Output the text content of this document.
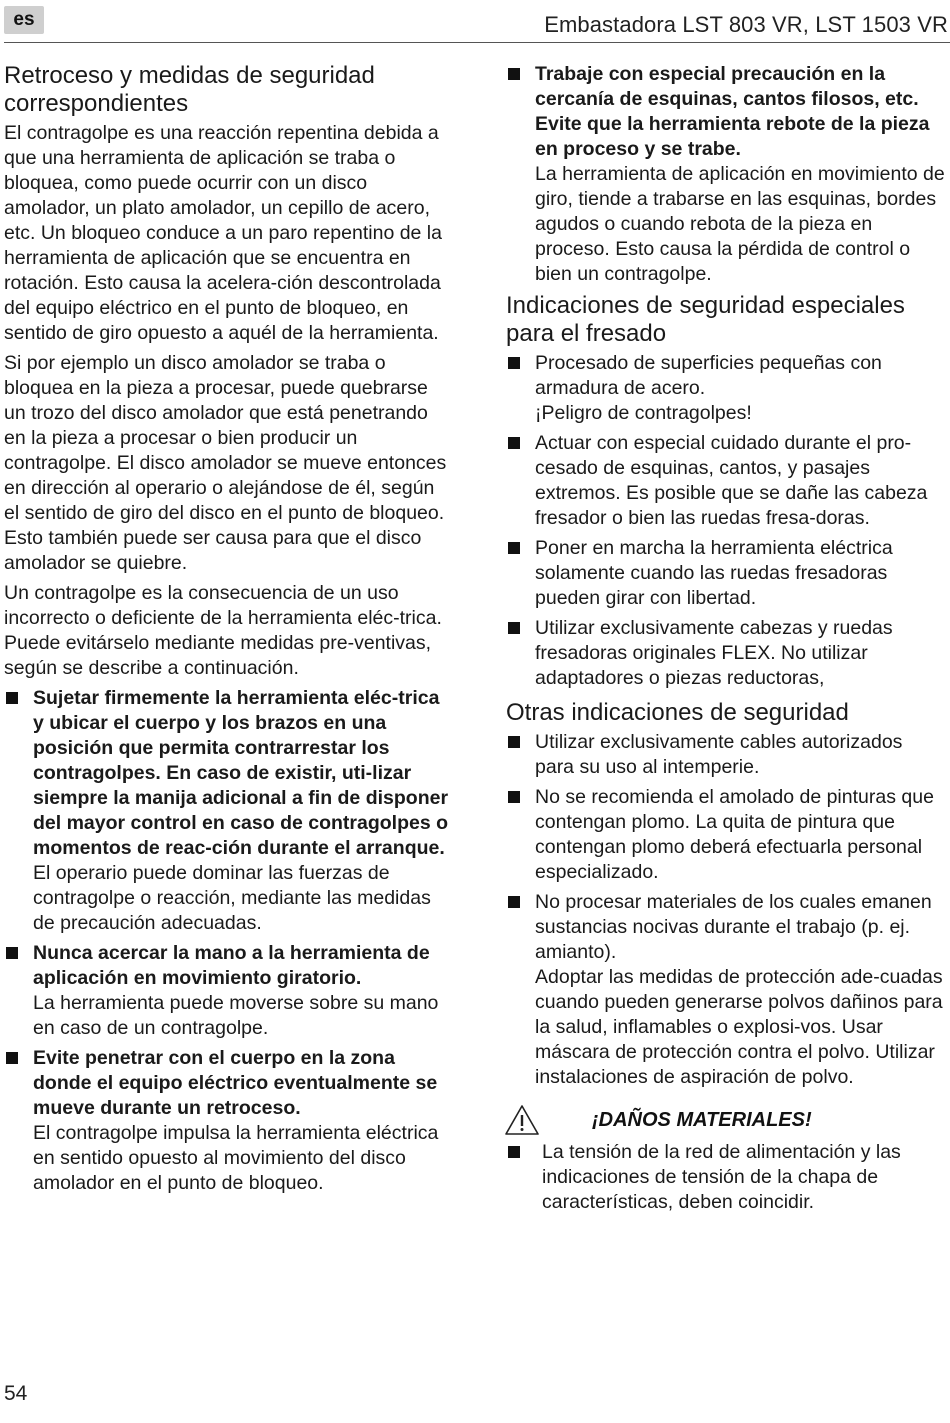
es	Embastadora LST 803 VR, LST 1503 VR
Retroceso y medidas de seguridad correspondientes

El contragolpe es una reacción repentina debida a que una herramienta de aplicación se traba o bloquea, como puede ocurrir con un disco amolador, un plato amolador, un cepillo de acero, etc. Un bloqueo conduce a un paro repentino de la herramienta de aplicación que se encuentra en rotación. Esto causa la acelera-ción descontrolada del equipo eléctrico en el punto de bloqueo, en sentido de giro opuesto a aquél de la herramienta.

Si por ejemplo un disco amolador se traba o bloquea en la pieza a procesar, puede quebrarse un trozo del disco amolador que está penetrando en la pieza a procesar o bien producir un contragolpe. El disco amolador se mueve entonces en dirección al operario o alejándose de él, según el sentido de giro del disco en el punto de bloqueo.

Esto también puede ser causa para que el disco amolador se quiebre.

Un contragolpe es la consecuencia de un uso incorrecto o deficiente de la herramienta eléc-trica. Puede evitárselo mediante medidas pre-ventivas, según se describe a continuación.

Sujetar firmemente la herramienta eléc-trica y ubicar el cuerpo y los brazos en una posición que permita contrarrestar los contragolpes. En caso de existir, uti-lizar siempre la manija adicional a fin de disponer del mayor control en caso de contragolpes o momentos de reac-ción durante el arranque.
El operario puede dominar las fuerzas de contragolpe o reacción, mediante las medidas de precaución adecuadas.
Nunca acercar la mano a la herramienta de aplicación en movimiento giratorio.
La herramienta puede moverse sobre su mano en caso de un contragolpe.
Evite penetrar con el cuerpo en la zona donde el equipo eléctrico eventualmente se mueve durante un retroceso.
El contragolpe impulsa la herramienta eléctrica en sentido opuesto al movimiento del disco amolador en el punto de bloqueo.
Trabaje con especial precaución en la cercanía de esquinas, cantos filosos, etc. Evite que la herramienta rebote de la pieza en proceso y se trabe.
La herramienta de aplicación en movimiento de giro, tiende a trabarse en las esquinas, bordes agudos o cuando rebota de la pieza en proceso. Esto causa la pérdida de control o bien un contragolpe.
Indicaciones de seguridad especiales para el fresado
Procesado de superficies pequeñas con armadura de acero.
¡Peligro de contragolpes!
Actuar con especial cuidado durante el pro-cesado de esquinas, cantos, y pasajes extremos. Es posible que se dañe las cabeza fresador o bien las ruedas fresa-doras.
Poner en marcha la herramienta eléctrica solamente cuando las ruedas fresadoras pueden girar con libertad.
Utilizar exclusivamente cabezas y ruedas fresadoras originales FLEX. No utilizar adaptadores o piezas reductoras,
Otras indicaciones de seguridad
Utilizar exclusivamente cables autorizados para su uso al intemperie.
No se recomienda el amolado de pinturas que contengan plomo. La quita de pintura que contengan plomo deberá efectuarla personal especializado.
No procesar materiales de los cuales emanen sustancias nocivas durante el trabajo (p. ej. amianto).
Adoptar las medidas de protección ade-cuadas cuando pueden generarse polvos dañinos para la salud, inflamables o explosi-vos. Usar máscara de protección contra el polvo. Utilizar instalaciones de aspiración de polvo.
¡DAÑOS MATERIALES!
La tensión de la red de alimentación y las indicaciones de tensión de la chapa de características, deben coincidir.
54
